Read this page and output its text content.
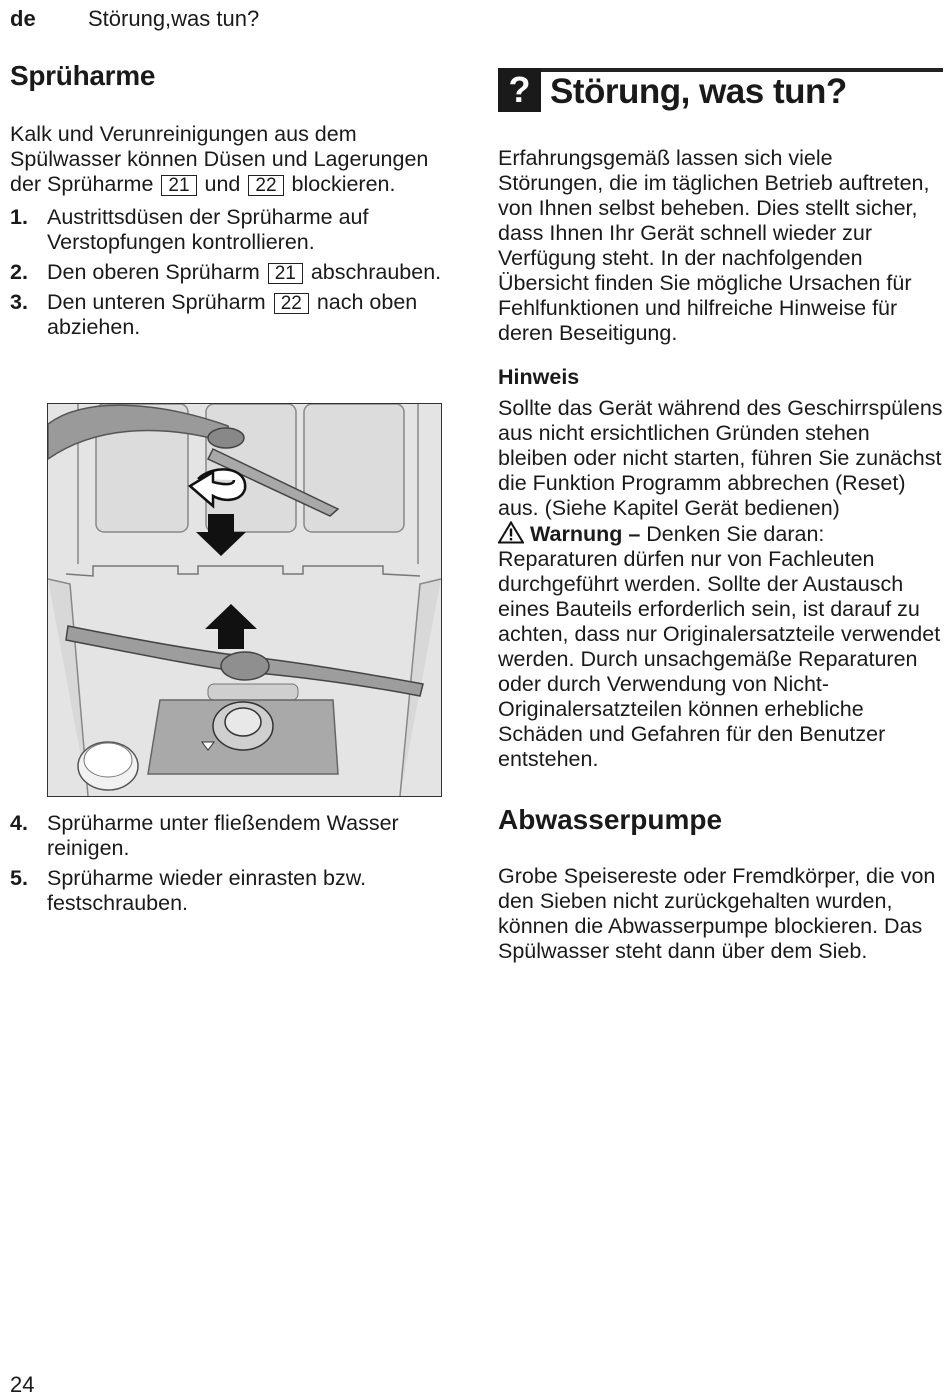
de Störung,was tun?
Sprüharme

Kalk und Verunreinigungen aus dem Spülwasser können Düsen und Lagerungen der Sprüharme 21 und 22 blockieren.

1. Austrittsdüsen der Sprüharme auf Verstopfungen kontrollieren.
2. Den oberen Sprüharm 21 abschrauben.
3. Den unteren Sprüharm 22 nach oben abziehen.
4. Sprüharme unter fließendem Wasser reinigen.
5. Sprüharme wieder einrasten bzw. festschrauben.
? Störung, was tun?

Erfahrungsgemäß lassen sich viele Störungen, die im täglichen Betrieb auftreten, von Ihnen selbst beheben. Dies stellt sicher, dass Ihnen Ihr Gerät schnell wieder zur Verfügung steht. In der nachfolgenden Übersicht finden Sie mögliche Ursachen für Fehlfunktionen und hilfreiche Hinweise für deren Beseitigung.

Hinweis

Sollte das Gerät während des Geschirrspülens aus nicht ersichtlichen Gründen stehen bleiben oder nicht starten, führen Sie zunächst die Funktion Programm abbrechen (Reset) aus. (Siehe Kapitel Gerät bedienen)

Warnung – Denken Sie daran: Reparaturen dürfen nur von Fachleuten durchgeführt werden. Sollte der Austausch eines Bauteils erforderlich sein, ist darauf zu achten, dass nur Originalersatzteile verwendet werden. Durch unsachgemäße Reparaturen oder durch Verwendung von Nicht-Originalersatzteilen können erhebliche Schäden und Gefahren für den Benutzer entstehen.

Abwasserpumpe

Grobe Speisereste oder Fremdkörper, die von den Sieben nicht zurückgehalten wurden, können die Abwasserpumpe blockieren. Das Spülwasser steht dann über dem Sieb.

24
